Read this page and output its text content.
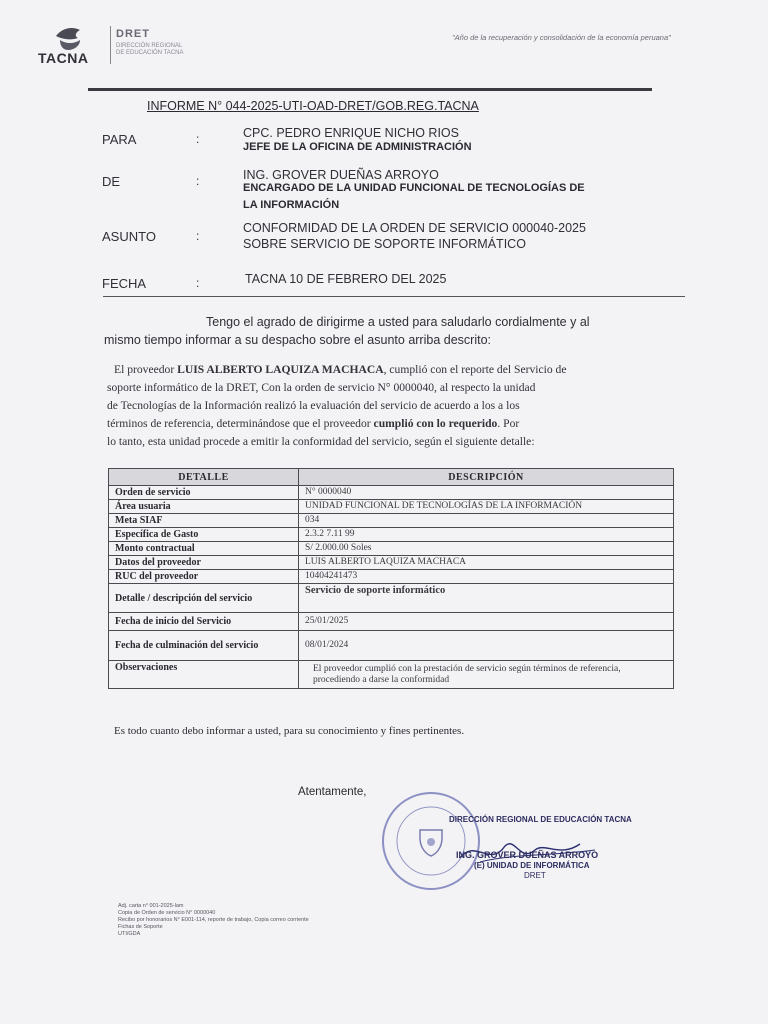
TACNA
DRET
DIRECCIÓN REGIONAL
DE EDUCACIÓN TACNA
"Año de la recuperación y consolidación de la economía peruana"
INFORME N° 044-2025-UTI-OAD-DRET/GOB.REG.TACNA
PARA	:	CPC. PEDRO ENRIQUE NICHO RIOS
JEFE DE LA OFICINA DE ADMINISTRACIÓN
DE	:	ING. GROVER DUEÑAS ARROYO
ENCARGADO DE LA UNIDAD FUNCIONAL DE TECNOLOGÍAS DE
LA INFORMACIÓN
ASUNTO	:
CONFORMIDAD DE LA ORDEN DE SERVICIO 000040-2025
SOBRE SERVICIO DE SOPORTE INFORMÁTICO
FECHA	:	TACNA 10 DE FEBRERO DEL 2025
Tengo el agrado de dirigirme a usted para saludarlo cordialmente y al
mismo tiempo informar a su despacho sobre el asunto arriba descrito:
El proveedor LUIS ALBERTO LAQUIZA MACHACA, cumplió con el reporte del Servicio de
soporte informático de la DRET, Con la orden de servicio N° 0000040, al respecto la unidad
de Tecnologías de la Información realizó la evaluación del servicio de acuerdo a los a los
términos de referencia, determinándose que el proveedor cumplió con lo requerido. Por
lo tanto, esta unidad procede a emitir la conformidad del servicio, según el siguiente detalle:
DETALLE	DESCRIPCIÓN
Orden de servicio	N° 0000040
Área usuaria	UNIDAD FUNCIONAL DE TECNOLOGÍAS DE LA INFORMACIÓN
Meta SIAF	034
Específica de Gasto	2.3.2 7.11 99
Monto contractual	S/ 2.000.00 Soles
Datos del proveedor	LUIS ALBERTO LAQUIZA MACHACA
RUC del proveedor	10404241473
Detalle / descripción del servicio	Servicio de soporte informático
Fecha de inicio del Servicio	25/01/2025
Fecha de culminación del servicio	08/01/2024
Observaciones	El proveedor cumplió con la prestación de servicio según términos de referencia, procediendo a darse la conformidad
Es todo cuanto debo informar a usted, para su conocimiento y fines pertinentes.
Atentamente,
DIRECCIÓN REGIONAL DE EDUCACIÓN TACNA
ING. GROVER DUEÑAS ARROYO
(E) UNIDAD DE INFORMÁTICA
DRET
Adj. carta n° 001-2025-lam
Copia de Orden de servicio N° 0000040
Recibo por honorarios N° E001-114, reporte de trabajo, Copia correo corriente
Fichas de Soporte
UTI/GDA
